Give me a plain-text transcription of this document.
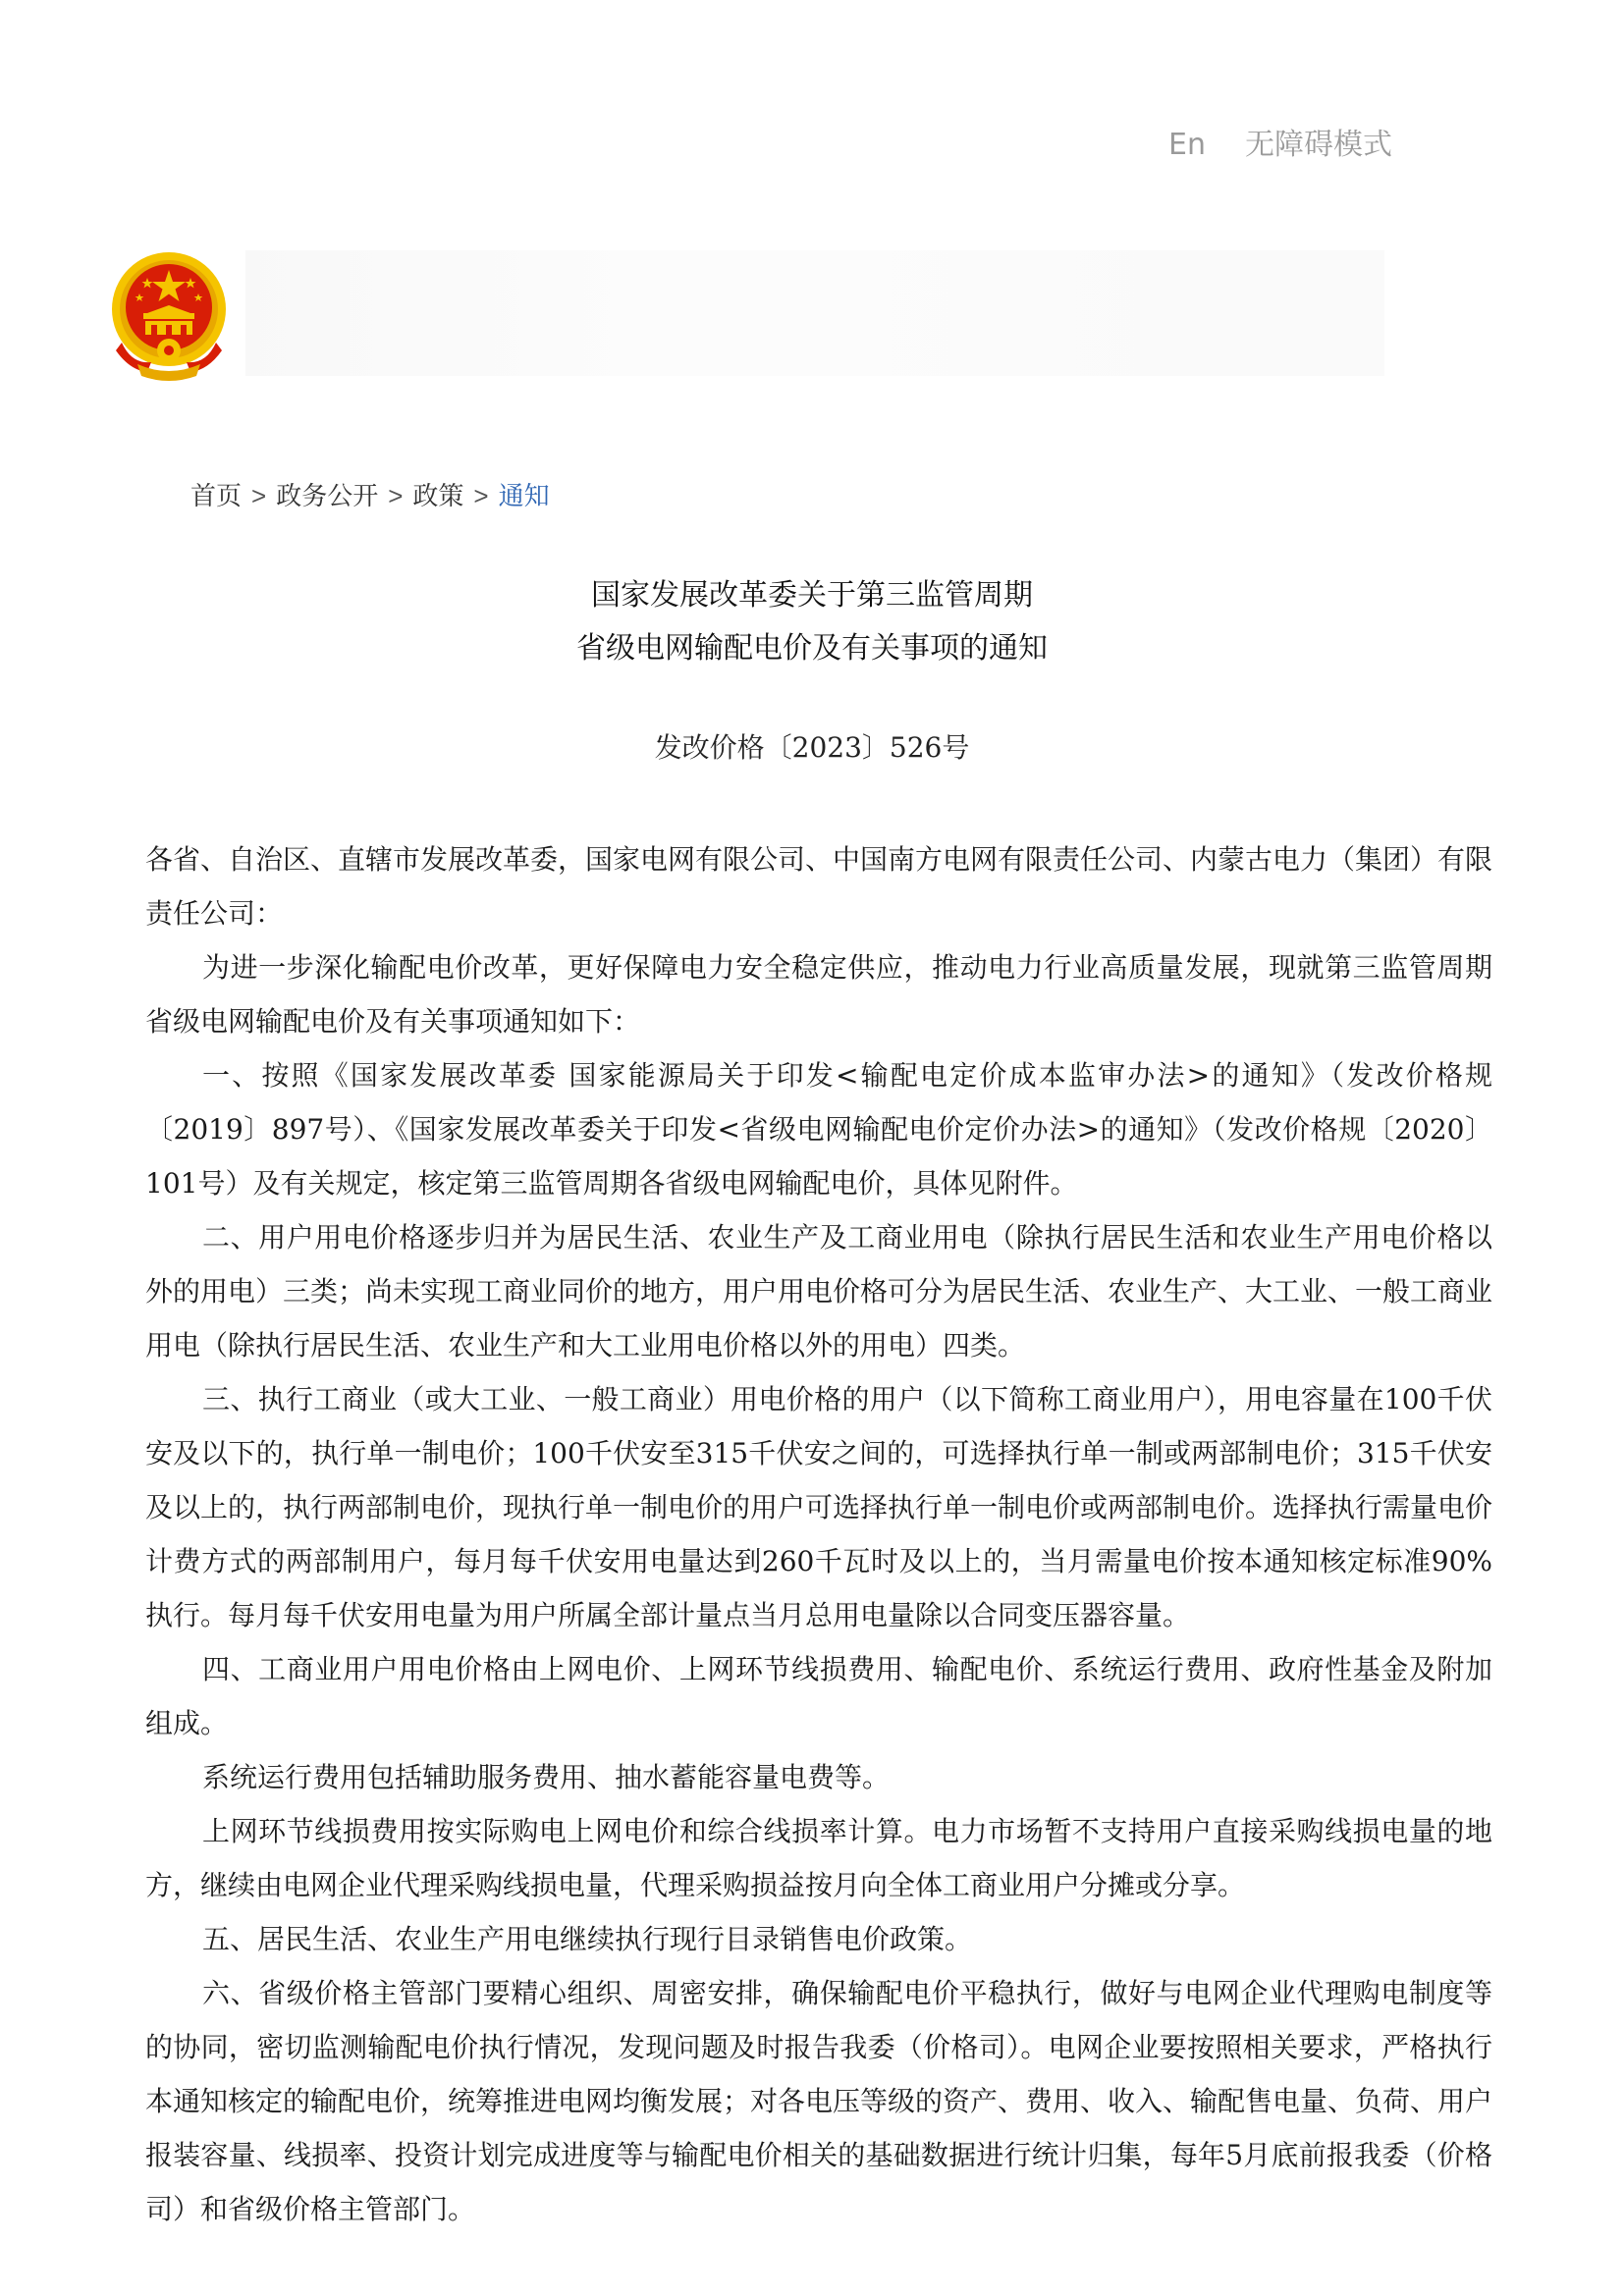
En 无障碍模式
首页 > 政务公开 > 政策 > 通知
国家发展改革委关于第三监管周期
省级电网输配电价及有关事项的通知
发改价格〔2023〕526号

各省、自治区、直辖市发展改革委，国家电网有限公司、中国南方电网有限责任公司、内蒙古电力（集团）有限责任公司：

为进一步深化输配电价改革，更好保障电力安全稳定供应，推动电力行业高质量发展，现就第三监管周期省级电网输配电价及有关事项通知如下：

一、按照《国家发展改革委 国家能源局关于印发<输配电定价成本监审办法>的通知》（发改价格规〔2019〕897号）、《国家发展改革委关于印发<省级电网输配电价定价办法>的通知》（发改价格规〔2020〕101号）及有关规定，核定第三监管周期各省级电网输配电价，具体见附件。

二、用户用电价格逐步归并为居民生活、农业生产及工商业用电（除执行居民生活和农业生产用电价格以外的用电）三类；尚未实现工商业同价的地方，用户用电价格可分为居民生活、农业生产、大工业、一般工商业用电（除执行居民生活、农业生产和大工业用电价格以外的用电）四类。

三、执行工商业（或大工业、一般工商业）用电价格的用户（以下简称工商业用户），用电容量在100千伏安及以下的，执行单一制电价；100千伏安至315千伏安之间的，可选择执行单一制或两部制电价；315千伏安及以上的，执行两部制电价，现执行单一制电价的用户可选择执行单一制电价或两部制电价。选择执行需量电价计费方式的两部制用户，每月每千伏安用电量达到260千瓦时及以上的，当月需量电价按本通知核定标准90%执行。每月每千伏安用电量为用户所属全部计量点当月总用电量除以合同变压器容量。

四、工商业用户用电价格由上网电价、上网环节线损费用、输配电价、系统运行费用、政府性基金及附加组成。

系统运行费用包括辅助服务费用、抽水蓄能容量电费等。

上网环节线损费用按实际购电上网电价和综合线损率计算。电力市场暂不支持用户直接采购线损电量的地方，继续由电网企业代理采购线损电量，代理采购损益按月向全体工商业用户分摊或分享。

五、居民生活、农业生产用电继续执行现行目录销售电价政策。

六、省级价格主管部门要精心组织、周密安排，确保输配电价平稳执行，做好与电网企业代理购电制度等的协同，密切监测输配电价执行情况，发现问题及时报告我委（价格司）。电网企业要按照相关要求，严格执行本通知核定的输配电价，统筹推进电网均衡发展；对各电压等级的资产、费用、收入、输配售电量、负荷、用户报装容量、线损率、投资计划完成进度等与输配电价相关的基础数据进行统计归集，每年5月底前报我委（价格司）和省级价格主管部门。
